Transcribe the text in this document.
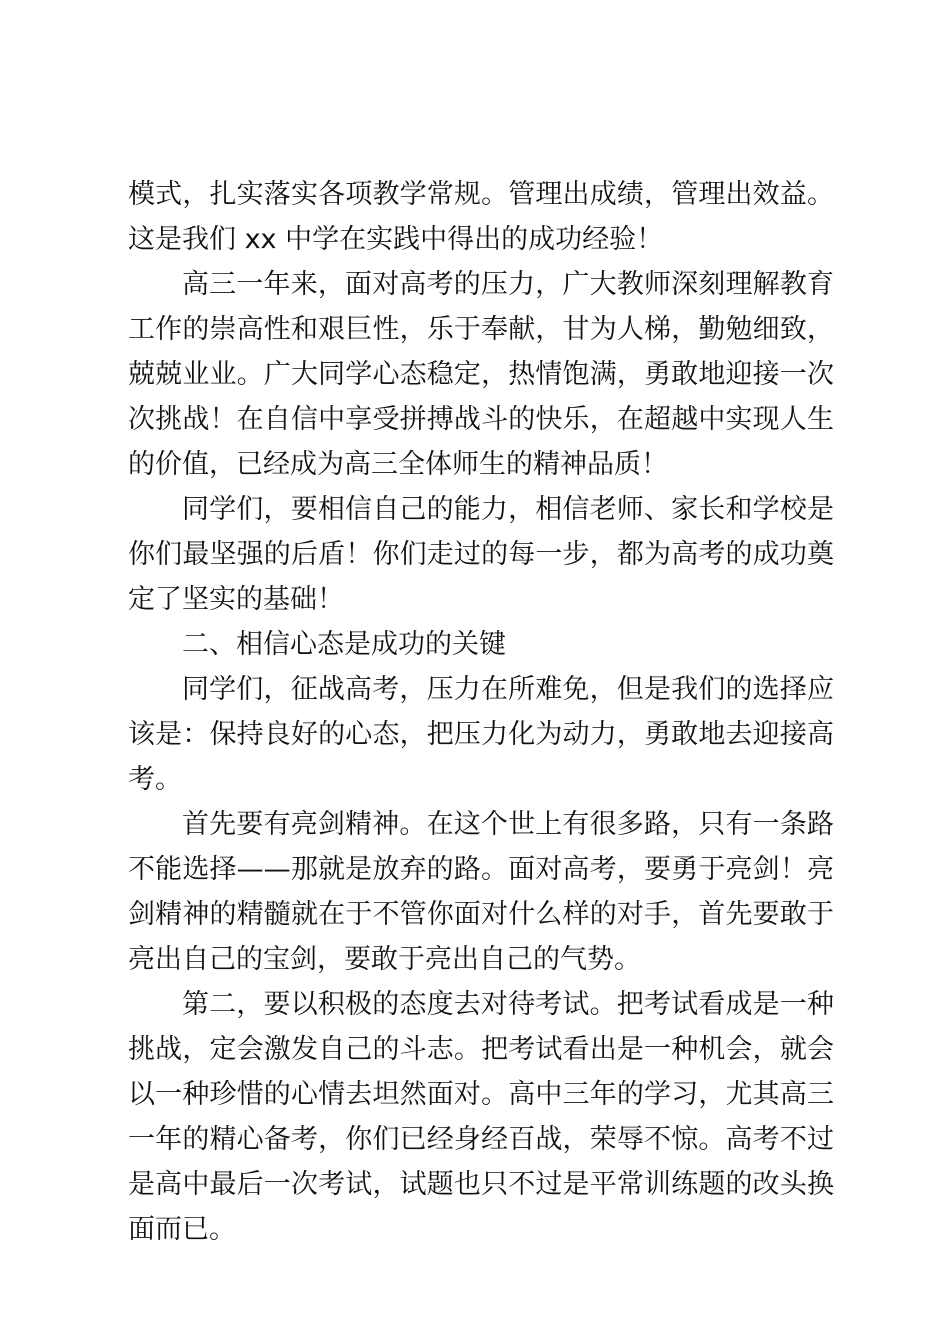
模式，扎实落实各项教学常规。管理出成绩，管理出效益。这是我们 xx 中学在实践中得出的成功经验！

高三一年来，面对高考的压力，广大教师深刻理解教育工作的崇高性和艰巨性，乐于奉献，甘为人梯，勤勉细致，兢兢业业。广大同学心态稳定，热情饱满，勇敢地迎接一次次挑战！在自信中享受拼搏战斗的快乐，在超越中实现人生的价值，已经成为高三全体师生的精神品质！

同学们，要相信自己的能力，相信老师、家长和学校是你们最坚强的后盾！你们走过的每一步，都为高考的成功奠定了坚实的基础！

二、相信心态是成功的关键

同学们，征战高考，压力在所难免，但是我们的选择应该是：保持良好的心态，把压力化为动力，勇敢地去迎接高考。

首先要有亮剑精神。在这个世上有很多路，只有一条路不能选择——那就是放弃的路。面对高考，要勇于亮剑！亮剑精神的精髓就在于不管你面对什么样的对手，首先要敢于亮出自己的宝剑，要敢于亮出自己的气势。

第二，要以积极的态度去对待考试。把考试看成是一种挑战，定会激发自己的斗志。把考试看出是一种机会，就会以一种珍惜的心情去坦然面对。高中三年的学习，尤其高三一年的精心备考，你们已经身经百战，荣辱不惊。高考不过是高中最后一次考试，试题也只不过是平常训练题的改头换面而已。
